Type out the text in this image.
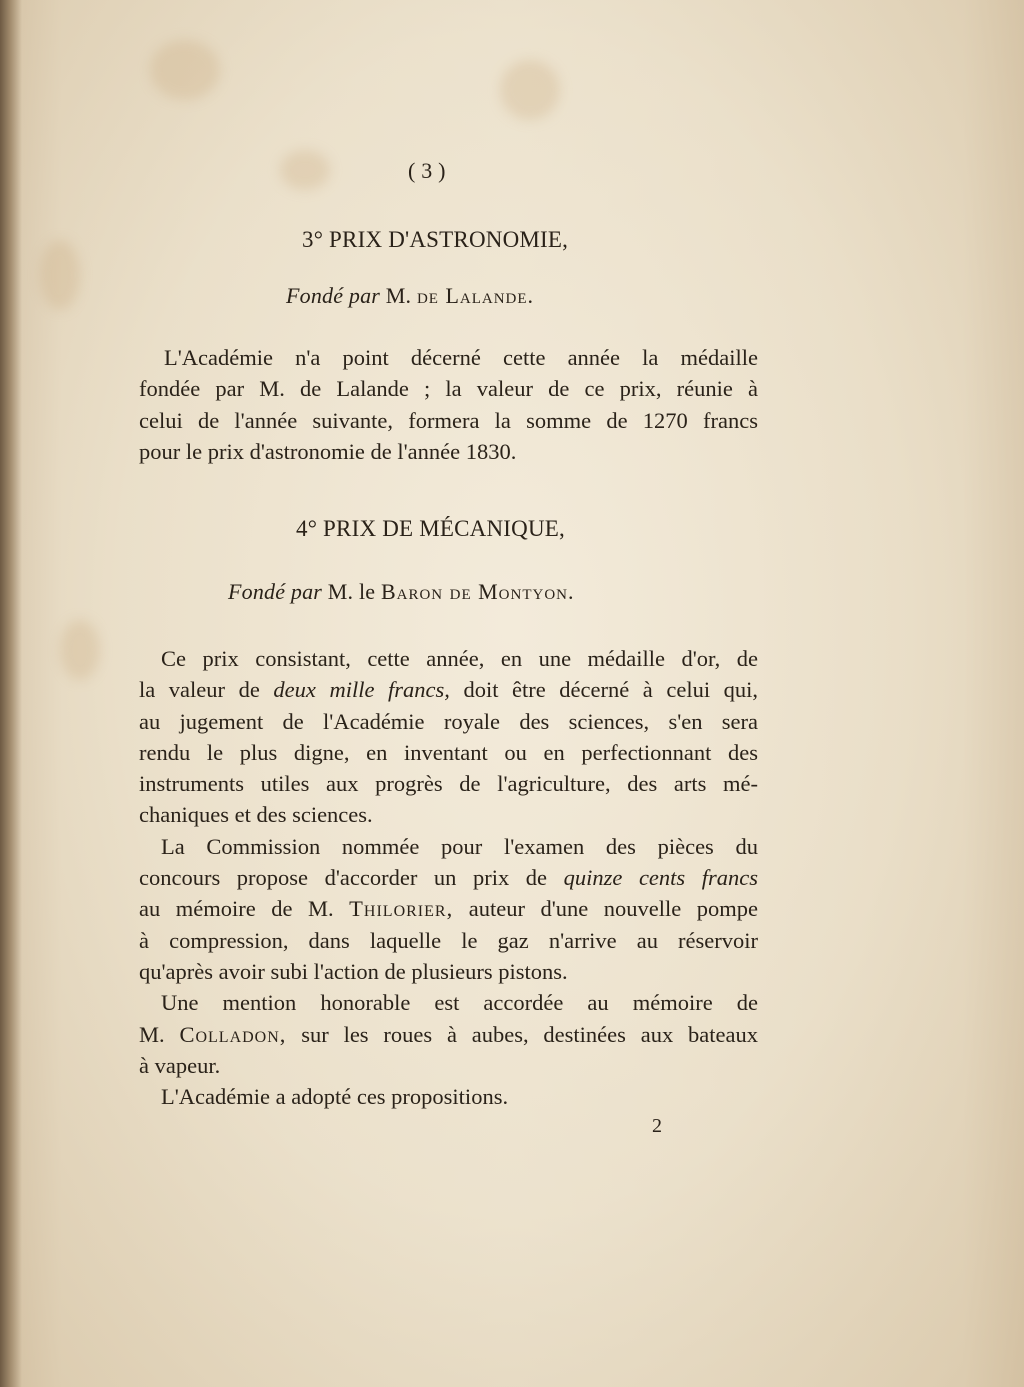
( 3 )
3° PRIX D'ASTRONOMIE,
Fondé par M. de Lalande.
L'Académie n'a point décerné cette année la médaille
fondée par M. de Lalande ; la valeur de ce prix, réunie à
celui de l'année suivante, formera la somme de 1270 francs
pour le prix d'astronomie de l'année 1830.
4° PRIX DE MÉCANIQUE,
Fondé par M. le Baron de Montyon.
Ce prix consistant, cette année, en une médaille d'or, de
la valeur de deux mille francs, doit être décerné à celui qui,
au jugement de l'Académie royale des sciences, s'en sera
rendu le plus digne, en inventant ou en perfectionnant des
instruments utiles aux progrès de l'agriculture, des arts mé-
chaniques et des sciences.
La Commission nommée pour l'examen des pièces du
concours propose d'accorder un prix de quinze cents francs
au mémoire de M. Thilorier, auteur d'une nouvelle pompe
à compression, dans laquelle le gaz n'arrive au réservoir
qu'après avoir subi l'action de plusieurs pistons.
Une mention honorable est accordée au mémoire de
M. Colladon, sur les roues à aubes, destinées aux bateaux
à vapeur.
L'Académie a adopté ces propositions.
2
